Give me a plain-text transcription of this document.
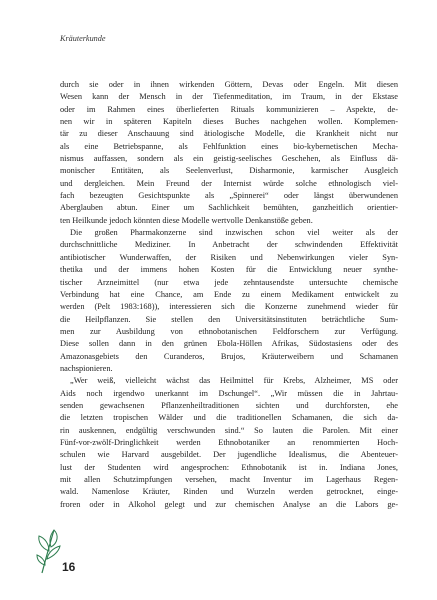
Kräuterkunde
durch sie oder in ihnen wirkenden Göttern, Devas oder Engeln. Mit diesen
Wesen kann der Mensch in der Tiefenmeditation, im Traum, in der Ekstase
oder im Rahmen eines überlieferten Rituals kommunizieren – Aspekte, de-
nen wir in späteren Kapiteln dieses Buches nachgehen wollen. Komplemen-
tär zu dieser Anschauung sind ätiologische Modelle, die Krankheit nicht nur
als eine Betriebspanne, als Fehlfunktion eines bio-kybernetischen Mecha-
nismus auffassen, sondern als ein geistig-seelisches Geschehen, als Einfluss dä-
monischer Entitäten, als Seelenverlust, Disharmonie, karmischer Ausgleich
und dergleichen. Mein Freund der Internist würde solche ethnologisch viel-
fach bezeugten Gesichtspunkte als „Spinnerei“ oder längst überwundenen
Aberglauben abtun. Einer um Sachlichkeit bemühten, ganzheitlich orientier-
ten Heilkunde jedoch könnten diese Modelle wertvolle Denkanstöße geben.
Die großen Pharmakonzerne sind inzwischen schon viel weiter als der
durchschnittliche Mediziner. In Anbetracht der schwindenden Effektivität
antibiotischer Wunderwaffen, der Risiken und Nebenwirkungen vieler Syn-
thetika und der immens hohen Kosten für die Entwicklung neuer synthe-
tischer Arzneimittel (nur etwa jede zehntausendste untersuchte chemische
Verbindung hat eine Chance, am Ende zu einem Medikament entwickelt zu
werden (Pelt 1983:168)), interessieren sich die Konzerne zunehmend wieder für
die Heilpflanzen. Sie stellen den Universitätsinstituten beträchtliche Sum-
men zur Ausbildung von ethnobotanischen Feldforschern zur Verfügung.
Diese sollen dann in den grünen Ebola-Höllen Afrikas, Südostasiens oder des
Amazonasgebiets den Curanderos, Brujos, Kräuterweibern und Schamanen
nachspionieren.
„Wer weiß, vielleicht wächst das Heilmittel für Krebs, Alzheimer, MS oder
Aids noch irgendwo unerkannt im Dschungel“. „Wir müssen die in Jahrtau-
senden gewachsenen Pflanzenheiltraditionen sichten und durchforsten, ehe
die letzten tropischen Wälder und die traditionellen Schamanen, die sich da-
rin auskennen, endgültig verschwunden sind.“ So lauten die Parolen. Mit einer
Fünf-vor-zwölf-Dringlichkeit werden Ethnobotaniker an renommierten Hoch-
schulen wie Harvard ausgebildet. Der jugendliche Idealismus, die Abenteuer-
lust der Studenten wird angesprochen: Ethnobotanik ist in. Indiana Jones,
mit allen Schutzimpfungen versehen, macht Inventur im Lagerhaus Regen-
wald. Namenlose Kräuter, Rinden und Wurzeln werden getrocknet, einge-
froren oder in Alkohol gelegt und zur chemischen Analyse an die Labors ge-
16
